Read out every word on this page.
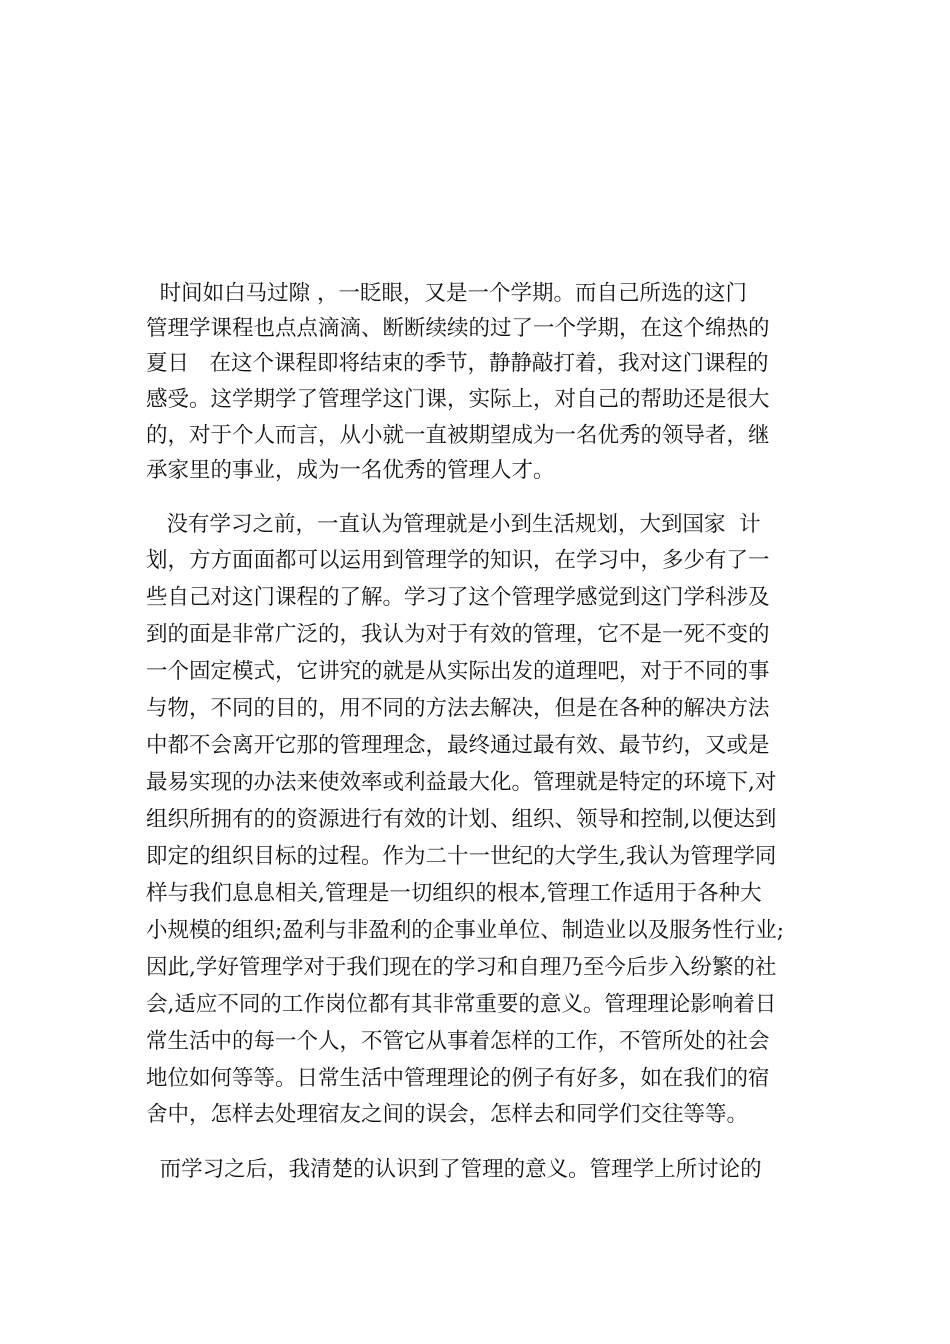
时间如白马过隙 ，一眨眼，又是一个学期。而自己所选的这门
管理学课程也点点滴滴、断断续续的过了一个学期，在这个绵热的
夏日   在这个课程即将结束的季节，静静敲打着，我对这门课程的
感受。这学期学了管理学这门课，实际上，对自己的帮助还是很大
的，对于个人而言，从小就一直被期望成为一名优秀的领导者，继
承家里的事业，成为一名优秀的管理人才。
没有学习之前，一直认为管理就是小到生活规划，大到国家  计
划，方方面面都可以运用到管理学的知识，在学习中，多少有了一
些自己对这门课程的了解。学习了这个管理学感觉到这门学科涉及
到的面是非常广泛的，我认为对于有效的管理，它不是一死不变的
一个固定模式，它讲究的就是从实际出发的道理吧，对于不同的事
与物，不同的目的，用不同的方法去解决，但是在各种的解决方法
中都不会离开它那的管理理念，最终通过最有效、最节约，又或是
最易实现的办法来使效率或利益最大化。管理就是特定的环境下,对
组织所拥有的的资源进行有效的计划、组织、领导和控制,以便达到
即定的组织目标的过程。作为二十一世纪的大学生,我认为管理学同
样与我们息息相关,管理是一切组织的根本,管理工作适用于各种大
小规模的组织;盈利与非盈利的企事业单位、制造业以及服务性行业;
因此,学好管理学对于我们现在的学习和自理乃至今后步入纷繁的社
会,适应不同的工作岗位都有其非常重要的意义。管理理论影响着日
常生活中的每一个人，不管它从事着怎样的工作，不管所处的社会
地位如何等等。日常生活中管理理论的例子有好多，如在我们的宿
舍中，怎样去处理宿友之间的误会，怎样去和同学们交往等等。
而学习之后，我清楚的认识到了管理的意义。管理学上所讨论的
